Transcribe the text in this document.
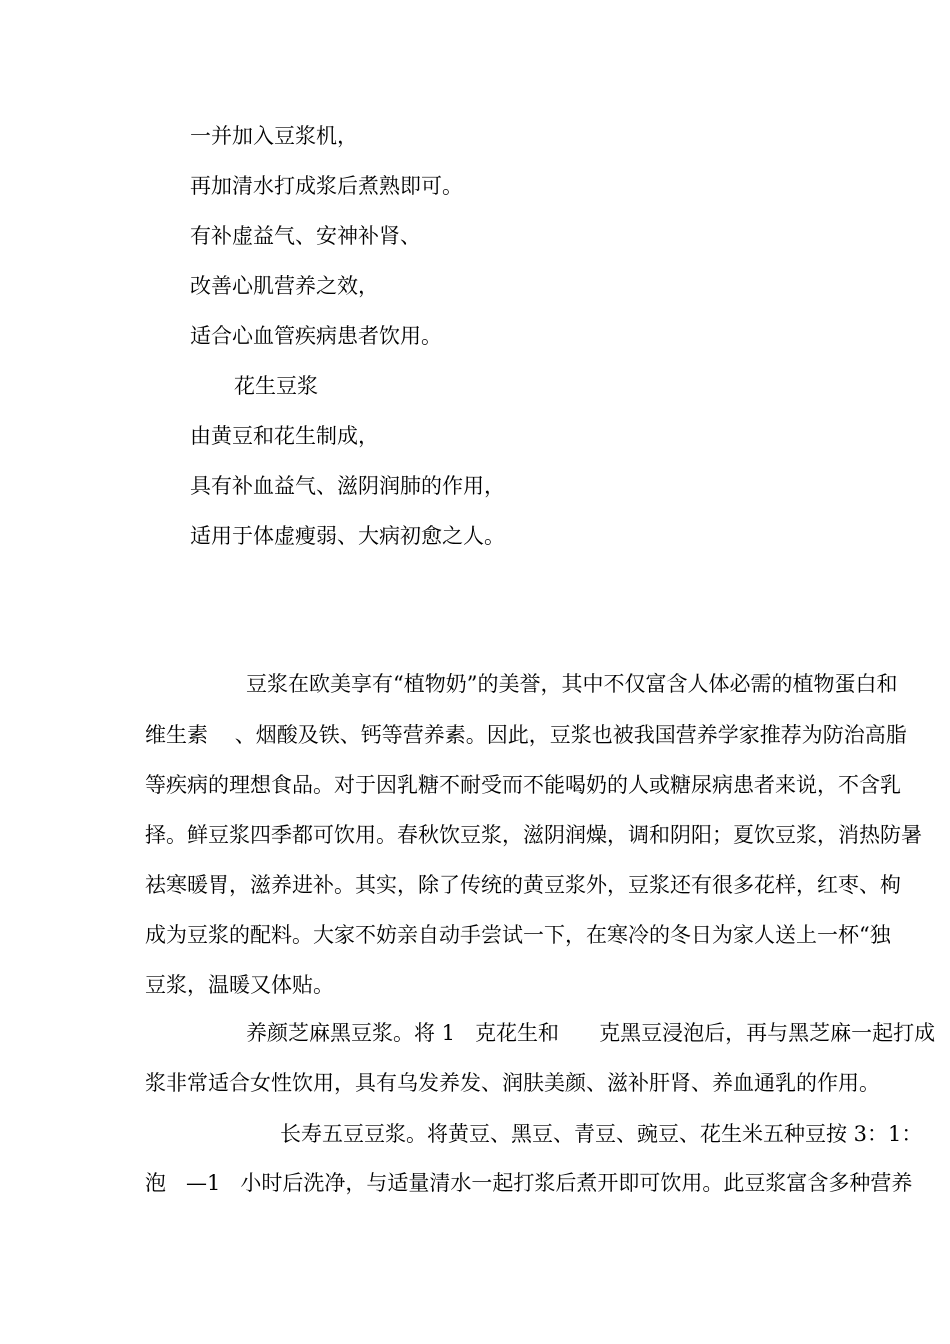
一并加入豆浆机，
再加清水打成浆后煮熟即可。
有补虚益气、安神补肾、
改善心肌营养之效，
适合心血管疾病患者饮用。
花生豆浆
由黄豆和花生制成，
具有补血益气、滋阴润肺的作用，
适用于体虚瘦弱、大病初愈之人。
豆浆在欧美享有“植物奶”的美誉，其中不仅富含人体必需的植物蛋白和
维生素    、烟酸及铁、钙等营养素。因此，豆浆也被我国营养学家推荐为防治高脂
等疾病的理想食品。对于因乳糖不耐受而不能喝奶的人或糖尿病患者来说，不含乳
择。鲜豆浆四季都可饮用。春秋饮豆浆，滋阴润燥，调和阴阳；夏饮豆浆，消热防暑
祛寒暖胃，滋养进补。其实，除了传统的黄豆浆外，豆浆还有很多花样，红枣、枸
成为豆浆的配料。大家不妨亲自动手尝试一下，在寒冷的冬日为家人送上一杯“独
豆浆，温暖又体贴。
养颜芝麻黑豆浆。将 1   克花生和      克黑豆浸泡后，再与黑芝麻一起打成
浆非常适合女性饮用，具有乌发养发、润肤美颜、滋补肝肾、养血通乳的作用。
长寿五豆豆浆。将黄豆、黑豆、青豆、豌豆、花生米五种豆按 3：1：
泡   —1   小时后洗净，与适量清水一起打浆后煮开即可饮用。此豆浆富含多种营养
